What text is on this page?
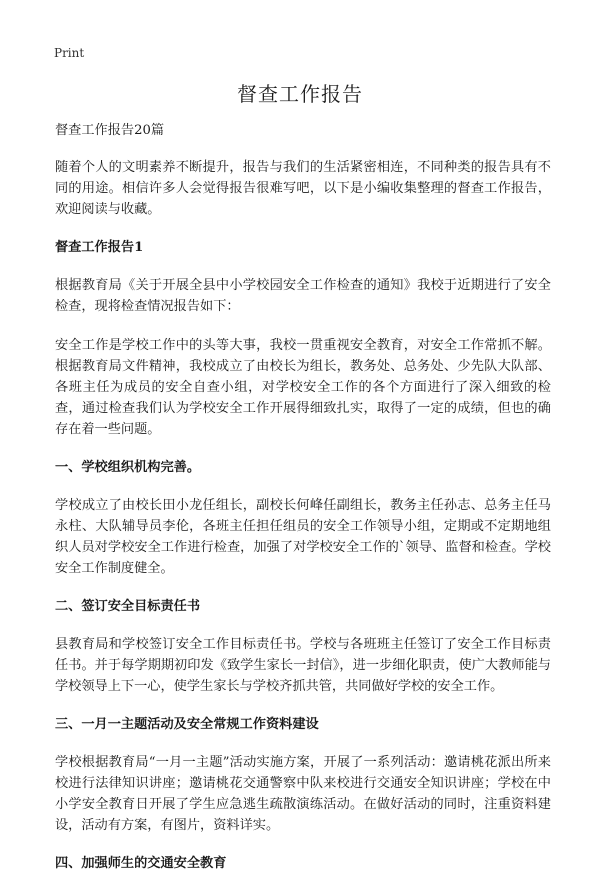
Print

督查工作报告

督查工作报告20篇

随着个人的文明素养不断提升，报告与我们的生活紧密相连，不同种类的报告具有不同的用途。相信许多人会觉得报告很难写吧，以下是小编收集整理的督查工作报告，欢迎阅读与收藏。

督查工作报告1

根据教育局《关于开展全县中小学校园安全工作检查的通知》我校于近期进行了安全检查，现将检查情况报告如下：

安全工作是学校工作中的头等大事，我校一贯重视安全教育，对安全工作常抓不解。根据教育局文件精神，我校成立了由校长为组长，教务处、总务处、少先队大队部、各班主任为成员的安全自查小组，对学校安全工作的各个方面进行了深入细致的检查，通过检查我们认为学校安全工作开展得细致扎实，取得了一定的成绩，但也的确存在着一些问题。

一、学校组织机构完善。

学校成立了由校长田小龙任组长，副校长何峰任副组长，教务主任孙志、总务主任马永柱、大队辅导员李伦，各班主任担任组员的安全工作领导小组，定期或不定期地组织人员对学校安全工作进行检查，加强了对学校安全工作的`领导、监督和检查。学校安全工作制度健全。

二、签订安全目标责任书

县教育局和学校签订安全工作目标责任书。学校与各班班主任签订了安全工作目标责任书。并于每学期期初印发《致学生家长一封信》，进一步细化职责，使广大教师能与学校领导上下一心，使学生家长与学校齐抓共管，共同做好学校的安全工作。

三、一月一主题活动及安全常规工作资料建设

学校根据教育局“一月一主题”活动实施方案，开展了一系列活动：邀请桃花派出所来校进行法律知识讲座；邀请桃花交通警察中队来校进行交通安全知识讲座；学校在中小学安全教育日开展了学生应急逃生疏散演练活动。在做好活动的同时，注重资料建设，活动有方案，有图片，资料详实。

四、加强师生的交通安全教育
